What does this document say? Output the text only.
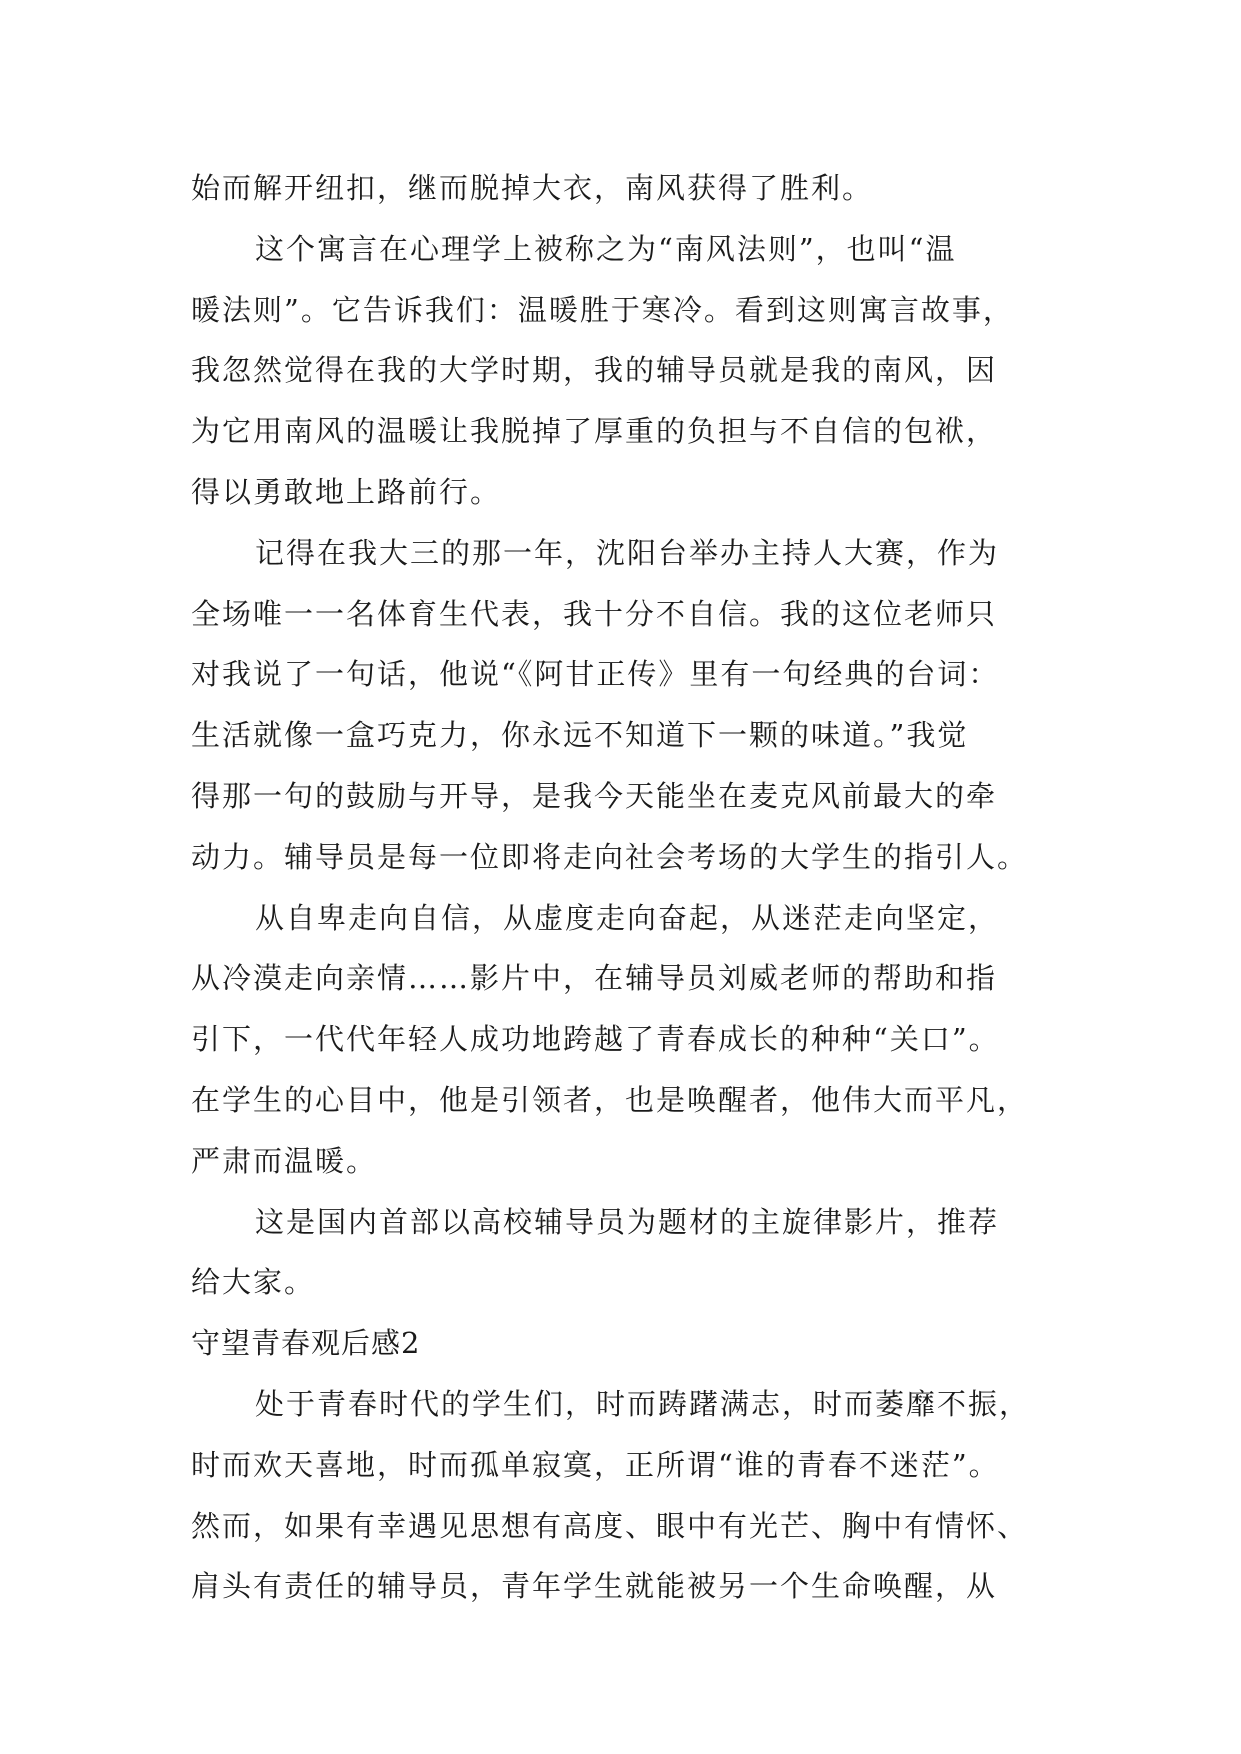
始而解开纽扣，继而脱掉大衣，南风获得了胜利。
这个寓言在心理学上被称之为“南风法则”，也叫“温
暖法则”。它告诉我们：温暖胜于寒冷。看到这则寓言故事，
我忽然觉得在我的大学时期，我的辅导员就是我的南风，因
为它用南风的温暖让我脱掉了厚重的负担与不自信的包袱，
得以勇敢地上路前行。
记得在我大三的那一年，沈阳台举办主持人大赛，作为
全场唯一一名体育生代表，我十分不自信。我的这位老师只
对我说了一句话，他说“《阿甘正传》里有一句经典的台词：
生活就像一盒巧克力，你永远不知道下一颗的味道。”我觉
得那一句的鼓励与开导，是我今天能坐在麦克风前最大的牵
动力。辅导员是每一位即将走向社会考场的大学生的指引人。
从自卑走向自信，从虚度走向奋起，从迷茫走向坚定，
从冷漠走向亲情……影片中，在辅导员刘威老师的帮助和指
引下，一代代年轻人成功地跨越了青春成长的种种“关口”。
在学生的心目中，他是引领者，也是唤醒者，他伟大而平凡，
严肃而温暖。
这是国内首部以高校辅导员为题材的主旋律影片，推荐
给大家。
守望青春观后感2
处于青春时代的学生们，时而踌躇满志，时而萎靡不振，
时而欢天喜地，时而孤单寂寞，正所谓“谁的青春不迷茫”。
然而，如果有幸遇见思想有高度、眼中有光芒、胸中有情怀、
肩头有责任的辅导员，青年学生就能被另一个生命唤醒，从
